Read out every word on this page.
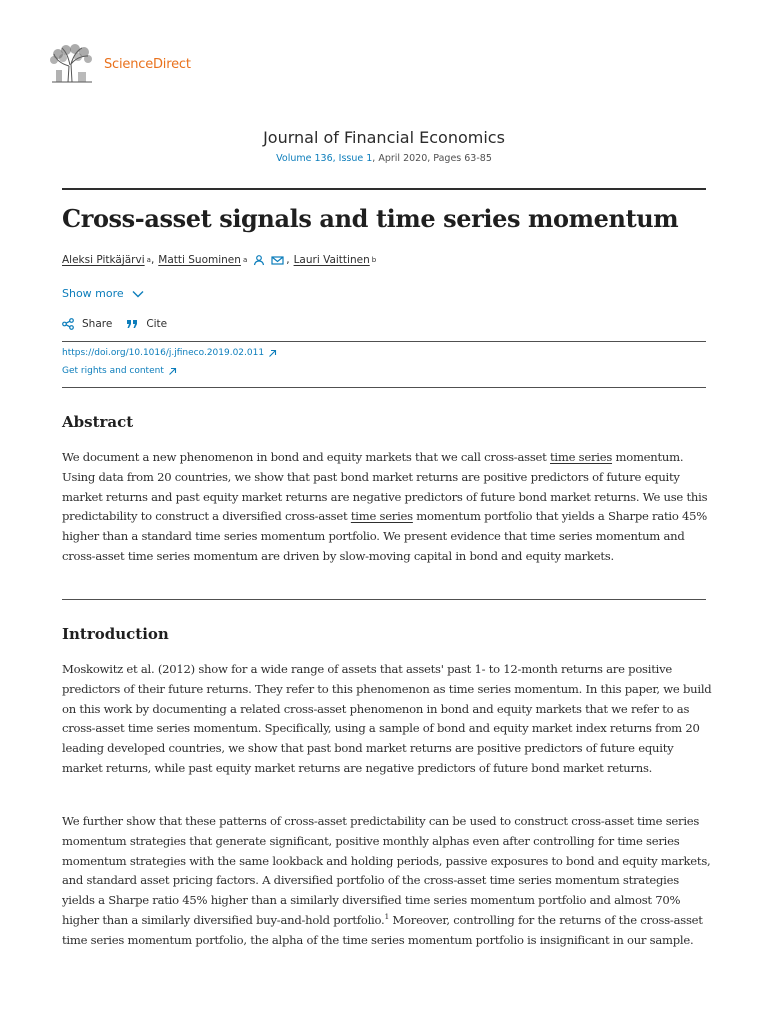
ScienceDirect
Journal of Financial Economics
Volume 136, Issue 1, April 2020, Pages 63-85
Cross-asset signals and time series momentum
Aleksi Pitkäjärvi a , Matti Suominen a	, Lauri Vaittinen b
Show more
Share	Cite
https://doi.org/10.1016/j.jfineco.2019.02.011
Get rights and content
Abstract

We document a new phenomenon in bond and equity markets that we call cross-asset time series momentum. Using data from 20 countries, we show that past bond market returns are positive predictors of future equity market returns and past equity market returns are negative predictors of future bond market returns. We use this predictability to construct a diversified cross-asset time series momentum portfolio that yields a Sharpe ratio 45% higher than a standard time series momentum portfolio. We present evidence that time series momentum and cross-asset time series momentum are driven by slow-moving capital in bond and equity markets.

Introduction

Moskowitz et al. (2012) show for a wide range of assets that assets' past 1- to 12-month returns are positive predictors of their future returns. They refer to this phenomenon as time series momentum. In this paper, we build on this work by documenting a related cross-asset phenomenon in bond and equity markets that we refer to as cross-asset time series momentum. Specifically, using a sample of bond and equity market index returns from 20 leading developed countries, we show that past bond market returns are positive predictors of future equity market returns, while past equity market returns are negative predictors of future bond market returns.

We further show that these patterns of cross-asset predictability can be used to construct cross-asset time series momentum strategies that generate significant, positive monthly alphas even after controlling for time series momentum strategies with the same lookback and holding periods, passive exposures to bond and equity markets, and standard asset pricing factors. A diversified portfolio of the cross-asset time series momentum strategies yields a Sharpe ratio 45% higher than a similarly diversified time series momentum portfolio and almost 70% higher than a similarly diversified buy-and-hold portfolio.$^1$ Moreover, controlling for the returns of the cross-asset time series momentum portfolio, the alpha of the time series momentum portfolio is insignificant in our sample.
